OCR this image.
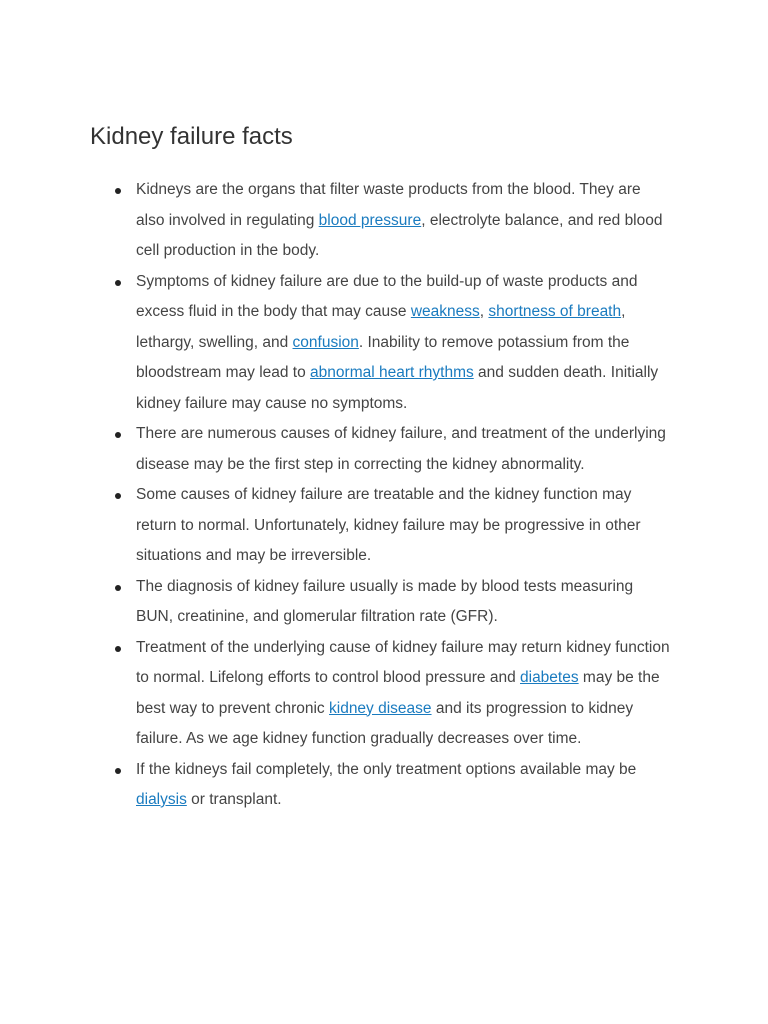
Kidney failure facts
Kidneys are the organs that filter waste products from the blood. They are also involved in regulating blood pressure, electrolyte balance, and red blood cell production in the body.
Symptoms of kidney failure are due to the build-up of waste products and excess fluid in the body that may cause weakness, shortness of breath, lethargy, swelling, and confusion. Inability to remove potassium from the bloodstream may lead to abnormal heart rhythms and sudden death. Initially kidney failure may cause no symptoms.
There are numerous causes of kidney failure, and treatment of the underlying disease may be the first step in correcting the kidney abnormality.
Some causes of kidney failure are treatable and the kidney function may return to normal. Unfortunately, kidney failure may be progressive in other situations and may be irreversible.
The diagnosis of kidney failure usually is made by blood tests measuring BUN, creatinine, and glomerular filtration rate (GFR).
Treatment of the underlying cause of kidney failure may return kidney function to normal. Lifelong efforts to control blood pressure and diabetes may be the best way to prevent chronic kidney disease and its progression to kidney failure. As we age kidney function gradually decreases over time.
If the kidneys fail completely, the only treatment options available may be dialysis or transplant.
